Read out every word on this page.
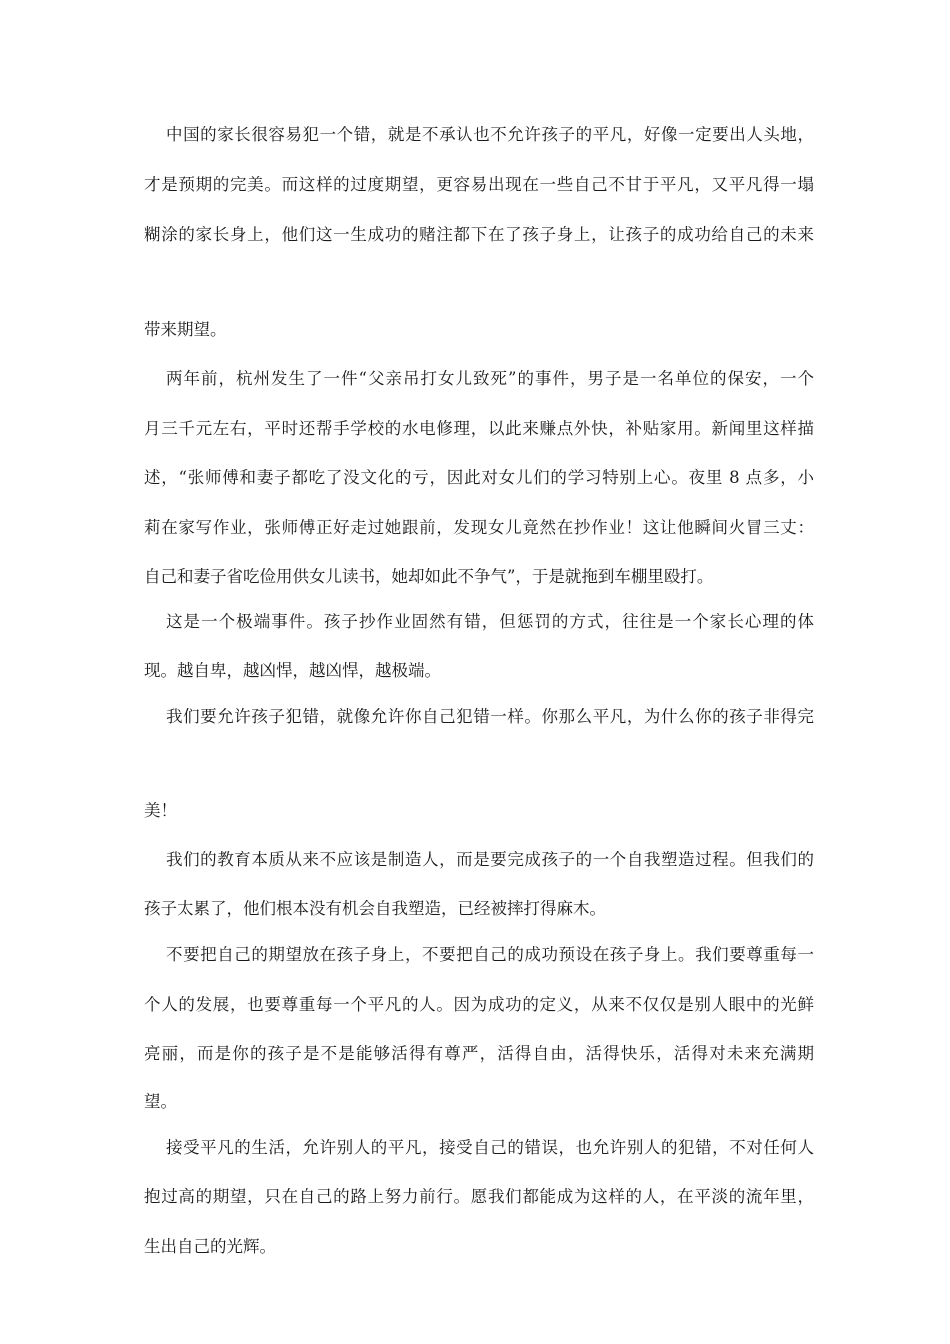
中国的家长很容易犯一个错，就是不承认也不允许孩子的平凡，好像一定要出人头地，
才是预期的完美。而这样的过度期望，更容易出现在一些自己不甘于平凡，又平凡得一塌
糊涂的家长身上，他们这一生成功的赌注都下在了孩子身上，让孩子的成功给自己的未来
带来期望。
两年前，杭州发生了一件“父亲吊打女儿致死”的事件，男子是一名单位的保安，一个
月三千元左右，平时还帮手学校的水电修理，以此来赚点外快，补贴家用。新闻里这样描
述，“张师傅和妻子都吃了没文化的亏，因此对女儿们的学习特别上心。夜里 8 点多，小
莉在家写作业，张师傅正好走过她跟前，发现女儿竟然在抄作业！这让他瞬间火冒三丈：
自己和妻子省吃俭用供女儿读书，她却如此不争气”，于是就拖到车棚里殴打。
这是一个极端事件。孩子抄作业固然有错，但惩罚的方式，往往是一个家长心理的体
现。越自卑，越凶悍，越凶悍，越极端。
我们要允许孩子犯错，就像允许你自己犯错一样。你那么平凡，为什么你的孩子非得完
美！
我们的教育本质从来不应该是制造人，而是要完成孩子的一个自我塑造过程。但我们的
孩子太累了，他们根本没有机会自我塑造，已经被摔打得麻木。
不要把自己的期望放在孩子身上，不要把自己的成功预设在孩子身上。我们要尊重每一
个人的发展，也要尊重每一个平凡的人。因为成功的定义，从来不仅仅是别人眼中的光鲜
亮丽，而是你的孩子是不是能够活得有尊严，活得自由，活得快乐，活得对未来充满期
望。
接受平凡的生活，允许别人的平凡，接受自己的错误，也允许别人的犯错，不对任何人
抱过高的期望，只在自己的路上努力前行。愿我们都能成为这样的人，在平淡的流年里，
生出自己的光辉。
